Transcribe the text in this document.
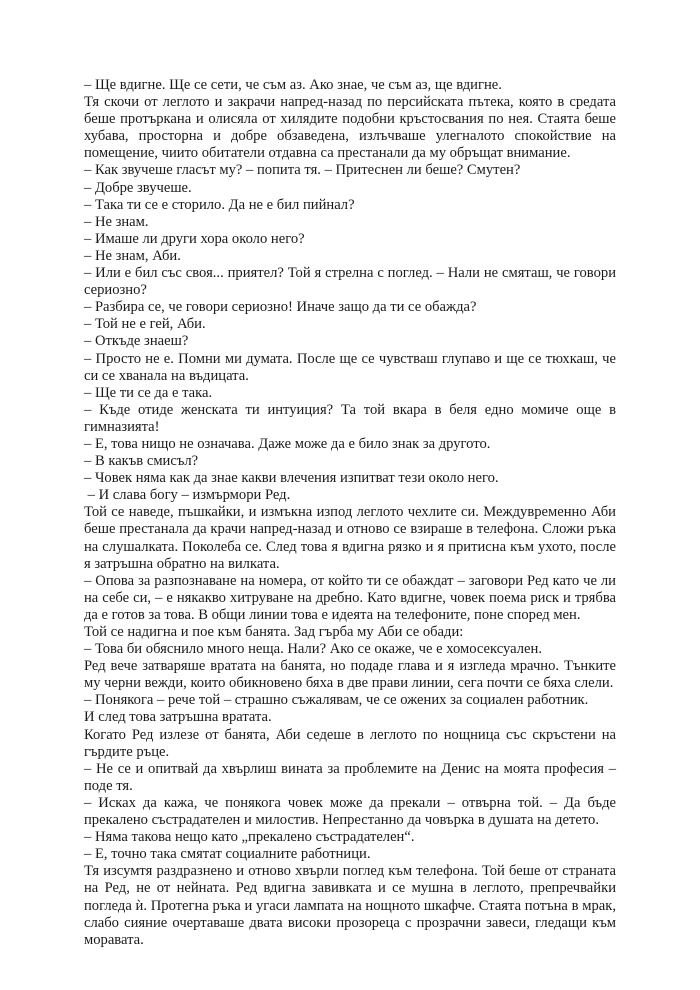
– Ще вдигне. Ще се сети, че съм аз. Ако знае, че съм аз, ще вдигне.

Тя скочи от леглото и закрачи напред-назад по персийската пътека, която в средата беше протъркана и олисяла от хилядите подобни кръстосвания по нея. Стаята беше хубава, просторна и добре обзаведена, излъчваше улегналото спокойствие на помещение, чиито обитатели отдавна са престанали да му обръщат внимание.

– Как звучеше гласът му? – попита тя. – Притеснен ли беше? Смутен?

– Добре звучеше.

– Така ти се е сторило. Да не е бил пийнал?

– Не знам.

– Имаше ли други хора около него?

– Не знам, Аби.

– Или е бил със своя... приятел? Той я стрелна с поглед. – Нали не смяташ, че говори сериозно?

– Разбира се, че говори сериозно! Иначе защо да ти се обажда?

– Той не е гей, Аби.

– Откъде знаеш?

– Просто не е. Помни ми думата. После ще се чувстваш глупаво и ще се тюхкаш, че си се хванала на въдицата.

– Ще ти се да е така.

– Къде отиде женската ти интуиция? Та той вкара в беля едно момиче още в гимназията!

– Е, това нищо не означава. Даже може да е било знак за другото.

– В какъв смисъл?

– Човек няма как да знае какви влечения изпитват тези около него.

– И слава богу – измърмори Ред.

Той се наведе, пъшкайки, и измъкна изпод леглото чехлите си. Междувременно Аби беше престанала да крачи напред-назад и отново се взираше в телефона. Сложи ръка на слушалката. Поколеба се. След това я вдигна рязко и я притисна към ухото, после я затръшна обратно на вилката.

– Опова за разпознаване на номера, от който ти се обаждат – заговори Ред като че ли на себе си, – е някакво хитруване на дребно. Като вдигне, човек поема риск и трябва да е готов за това. В общи линии това е идеята на телефоните, поне според мен.

Той се надигна и пое към банята. Зад гърба му Аби се обади:

– Това би обяснило много неща. Нали? Ако се окаже, че е хомосексуален.

Ред вече затваряше вратата на банята, но подаде глава и я изгледа мрачно. Тънките му черни вежди, които обикновено бяха в две прави линии, сега почти се бяха слели.

– Понякога – рече той – страшно съжалявам, че се ожених за социален работник.

И след това затръшна вратата.

Когато Ред излезе от банята, Аби седеше в леглото по нощница със скръстени на гърдите ръце.

– Не се и опитвай да хвърлиш вината за проблемите на Денис на моята професия – поде тя.

– Искаx да кажа, че понякога човек може да прекали – отвърна той. – Да бъде прекалено състрадателен и милостив. Непрестанно да човърка в душата на детето.

– Няма такова нещо като „прекалено състрадателен“.

– Е, точно така смятат социалните работници.

Тя изсумтя раздразнено и отново хвърли поглед към телефона. Той беше от страната на Ред, не от нейната. Ред вдигна завивката и се мушна в леглото, препречвайки погледа ѝ. Протегна ръка и угаси лампата на нощното шкафче. Стаята потъна в мрак, слабо сияние очертаваше двата високи прозореца с прозрачни завеси, гледащи към моравата.
